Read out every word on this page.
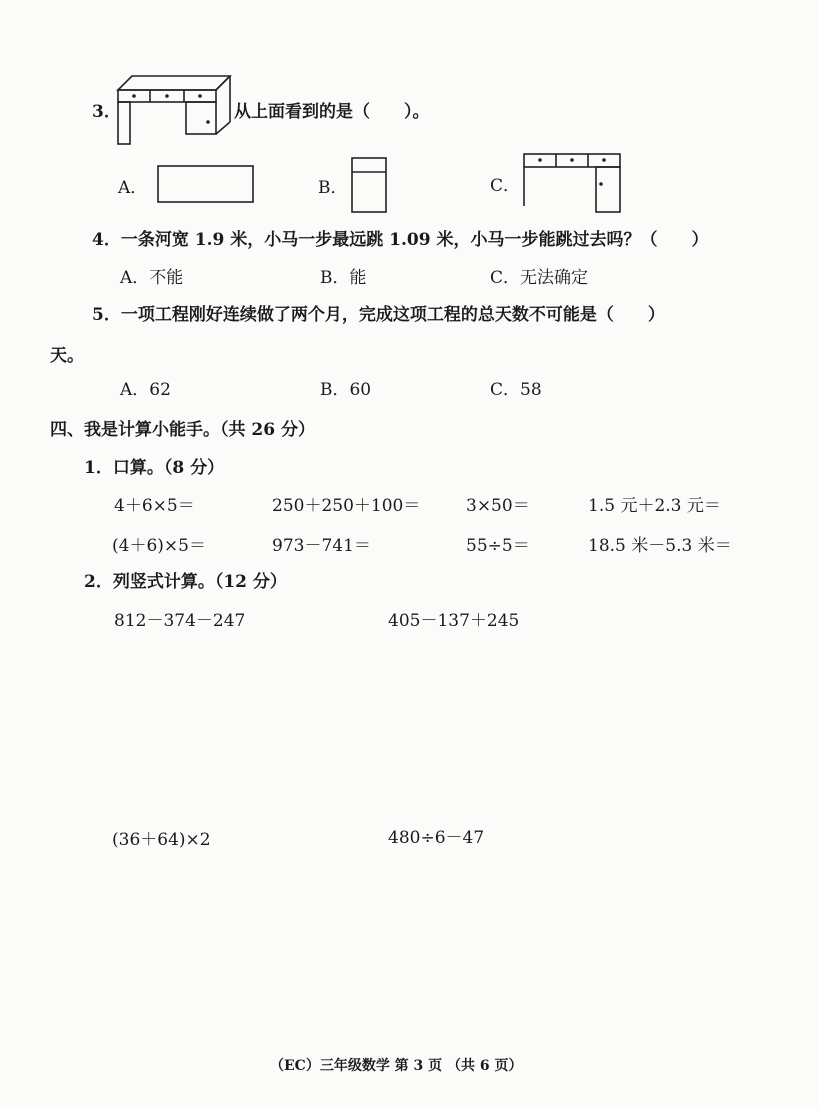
3．	从上面看到的是（　　）。
A．	B．	C．
4．一条河宽 1.9 米，小马一步最远跳 1.09 米，小马一步能跳过去吗？（　　）
A．不能	B．能	C．无法确定
5．一项工程刚好连续做了两个月，完成这项工程的总天数不可能是（　　）
天。
A．62	B．60	C．58
四、我是计算小能手。（共 26 分）
1．口算。（8 分）
4＋6×5＝	250＋250＋100＝	3×50＝	1.5 元＋2.3 元＝
(4＋6)×5＝	973－741＝	55÷5＝	18.5 米－5.3 米＝
2．列竖式计算。（12 分）
812－374－247	405－137＋245
(36＋64)×2	480÷6－47
（EC）三年级数学 第 3 页 （共 6 页）
